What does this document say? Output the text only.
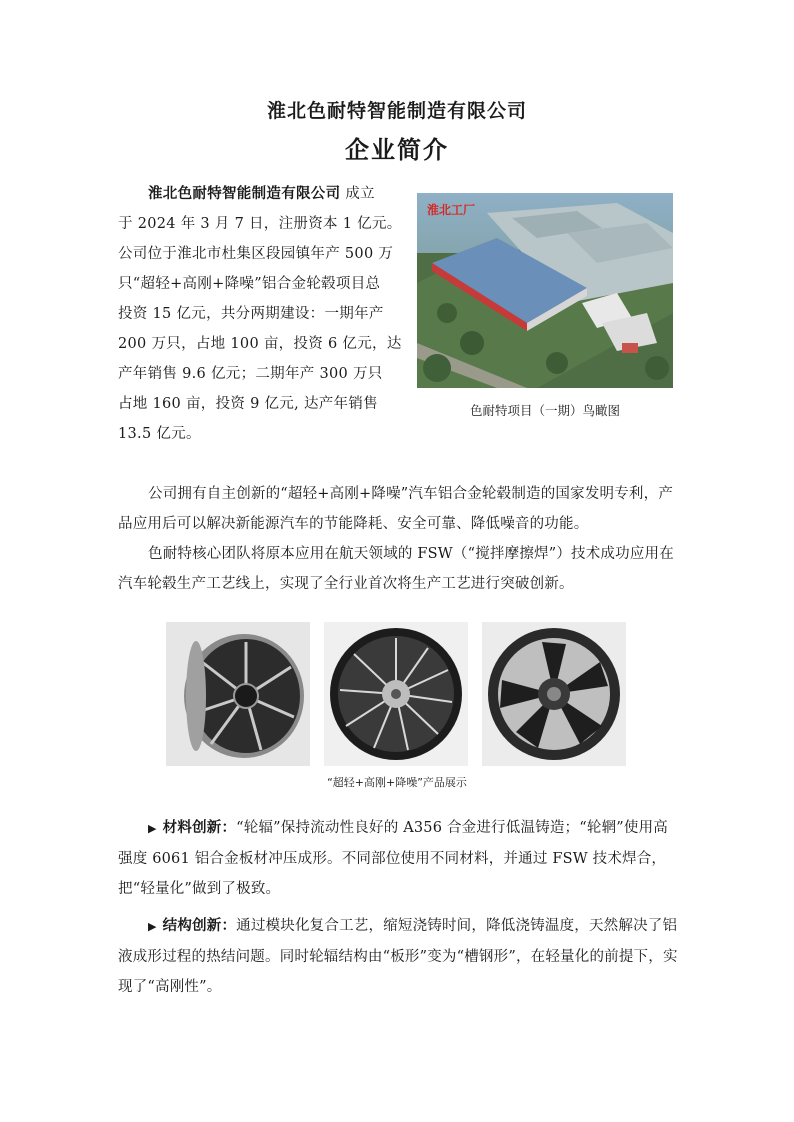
淮北色耐特智能制造有限公司
企业简介
淮北色耐特智能制造有限公司 成立
于 2024 年 3 月 7 日，注册资本 1 亿元。
公司位于淮北市杜集区段园镇年产 500 万
只“超轻+高刚+降噪”铝合金轮毂项目总
投资 15 亿元，共分两期建设：一期年产
200 万只，占地 100 亩，投资 6 亿元，达
产年销售 9.6 亿元；二期年产 300 万只
占地 160 亩，投资 9 亿元, 达产年销售
13.5 亿元。
淮北工厂
色耐特项目（一期）鸟瞰图
公司拥有自主创新的“超轻+高刚+降噪”汽车铝合金轮毂制造的国家发明专利，产品应用后可以解决新能源汽车的节能降耗、安全可靠、降低噪音的功能。
色耐特核心团队将原本应用在航天领域的 FSW（“搅拌摩擦焊”）技术成功应用在汽车轮毂生产工艺线上，实现了全行业首次将生产工艺进行突破创新。
“超轻+高刚+降噪”产品展示
▶ 材料创新：“轮辐”保持流动性良好的 A356 合金进行低温铸造；“轮辋”使用高强度 6061 铝合金板材冲压成形。不同部位使用不同材料，并通过 FSW 技术焊合，把“轻量化”做到了极致。
▶ 结构创新：通过模块化复合工艺，缩短浇铸时间，降低浇铸温度，天然解决了铝液成形过程的热结问题。同时轮辐结构由“板形”变为“槽钢形”，在轻量化的前提下，实现了“高刚性”。
